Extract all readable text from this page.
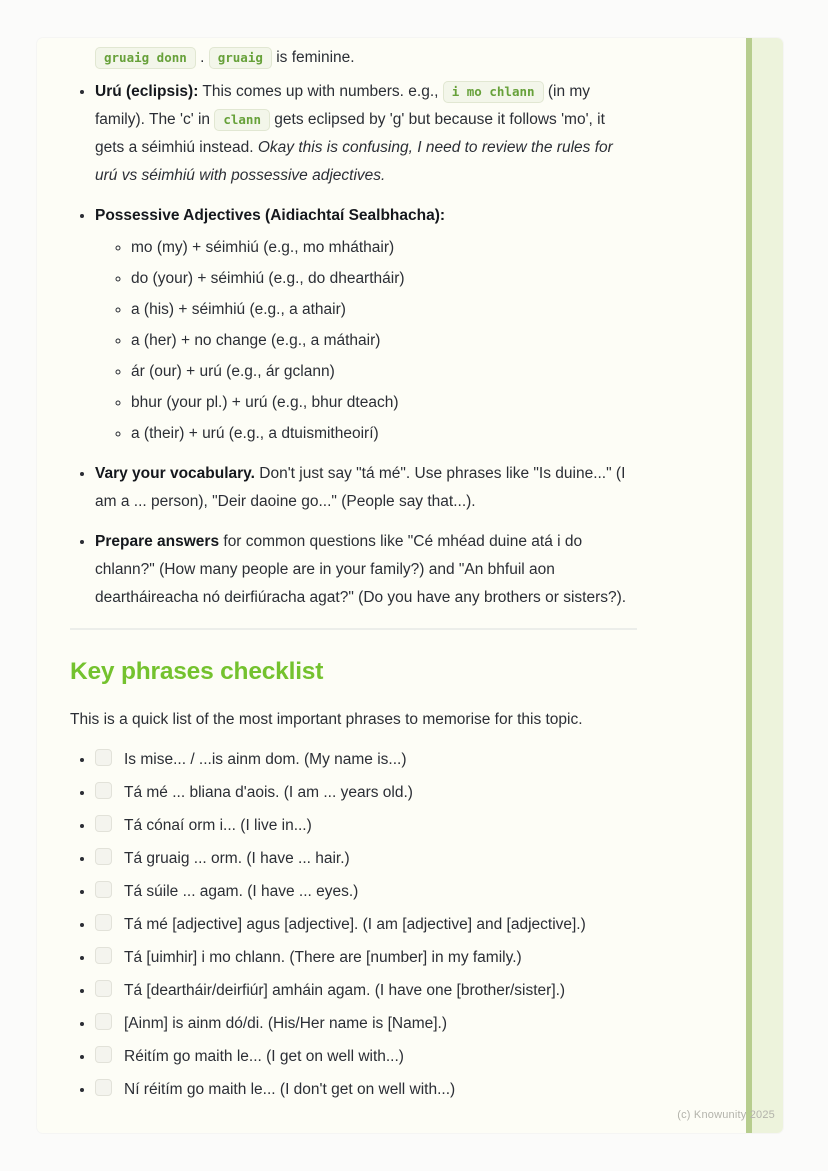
gruaig donn . gruaig is feminine.
• Urú (eclipsis): This comes up with numbers. e.g., i mo chlann (in my family). The 'c' in clann gets eclipsed by 'g' but because it follows 'mo', it gets a séimhiú instead. Okay this is confusing, I need to review the rules for urú vs séimhiú with possessive adjectives.
• Possessive Adjectives (Aidiachtaí Sealbhacha):
◦ mo (my) + séimhiú (e.g., mo mháthair)
◦ do (your) + séimhiú (e.g., do dheartháir)
◦ a (his) + séimhiú (e.g., a athair)
◦ a (her) + no change (e.g., a máthair)
◦ ár (our) + urú (e.g., ár gclann)
◦ bhur (your pl.) + urú (e.g., bhur dteach)
◦ a (their) + urú (e.g., a dtuismitheoirí)
• Vary your vocabulary. Don't just say "tá mé". Use phrases like "Is duine..." (I am a ... person), "Deir daoine go..." (People say that...).
• Prepare answers for common questions like "Cé mhéad duine atá i do chlann?" (How many people are in your family?) and "An bhfuil aon deartháireacha nó deirfiúracha agat?" (Do you have any brothers or sisters?).
Key phrases checklist

This is a quick list of the most important phrases to memorise for this topic.

• Is mise... / ...is ainm dom. (My name is...)
• Tá mé ... bliana d'aois. (I am ... years old.)
• Tá cónaí orm i... (I live in...)
• Tá gruaig ... orm. (I have ... hair.)
• Tá súile ... agam. (I have ... eyes.)
• Tá mé [adjective] agus [adjective]. (I am [adjective] and [adjective].)
• Tá [uimhir] i mo chlann. (There are [number] in my family.)
• Tá [deartháir/deirfiúr] amháin agam. (I have one [brother/sister].)
• [Ainm] is ainm dó/di. (His/Her name is [Name].)
• Réitím go maith le... (I get on well with...)
• Ní réitím go maith le... (I don't get on well with...)
(c) Knowunity 2025
